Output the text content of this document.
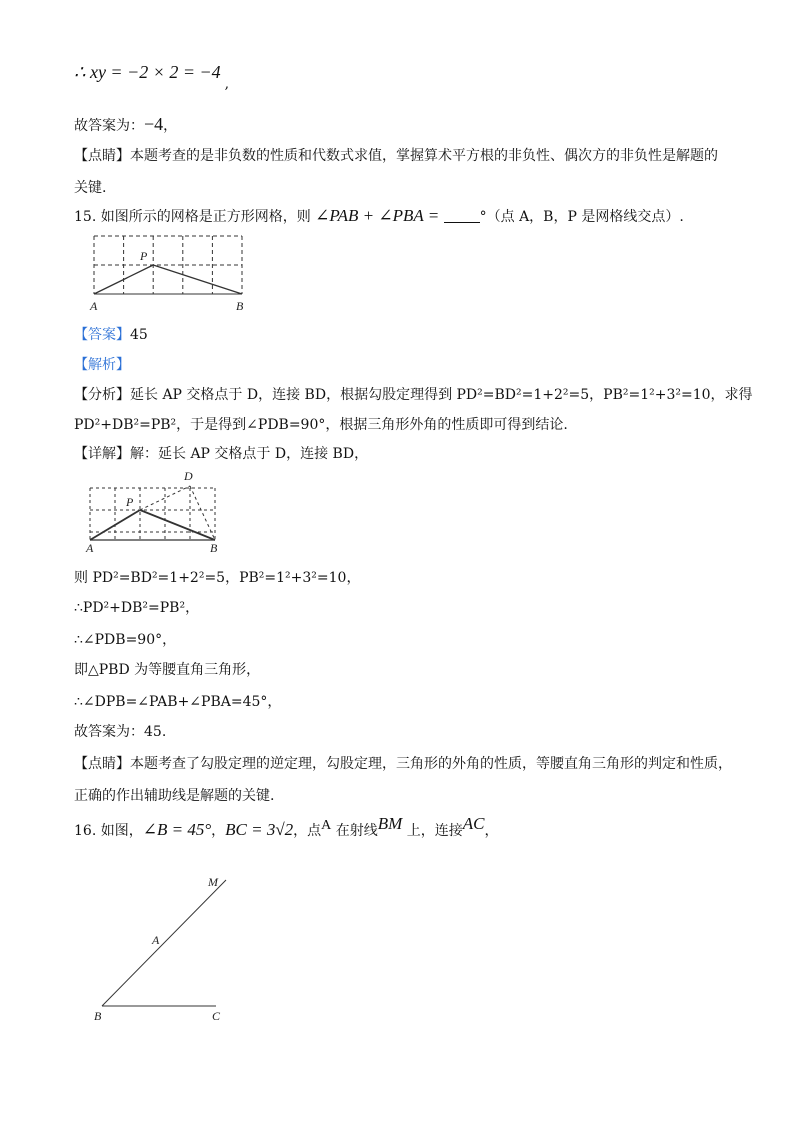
∴ xy = −2 × 2 = −4,
故答案为：−4，
【点睛】本题考查的是非负数的性质和代数式求值，掌握算术平方根的非负性、偶次方的非负性是解题的
关键.
15. 如图所示的网格是正方形网格，则 ∠PAB + ∠PBA =	°（点 A，B，P 是网格线交点）.
P
A	B
【答案】45
【解析】
【分析】延长 AP 交格点于 D，连接 BD，根据勾股定理得到 PD²=BD²=1+2²=5，PB²=1²+3²=10，求得
PD²+DB²=PB²，于是得到∠PDB=90°，根据三角形外角的性质即可得到结论.
【详解】解：延长 AP 交格点于 D，连接 BD，
D
P
A	B
则 PD²=BD²=1+2²=5，PB²=1²+3²=10，
∴PD²+DB²=PB²，
∴∠PDB=90°，
即△PBD 为等腰直角三角形，
∴∠DPB=∠PAB+∠PBA=45°，
故答案为：45.
【点睛】本题考查了勾股定理的逆定理，勾股定理，三角形的外角的性质，等腰直角三角形的判定和性质，
正确的作出辅助线是解题的关键.
16. 如图，∠B = 45°，BC = 3√2，点A 在射线BM 上，连接AC，
M
A
B	C
